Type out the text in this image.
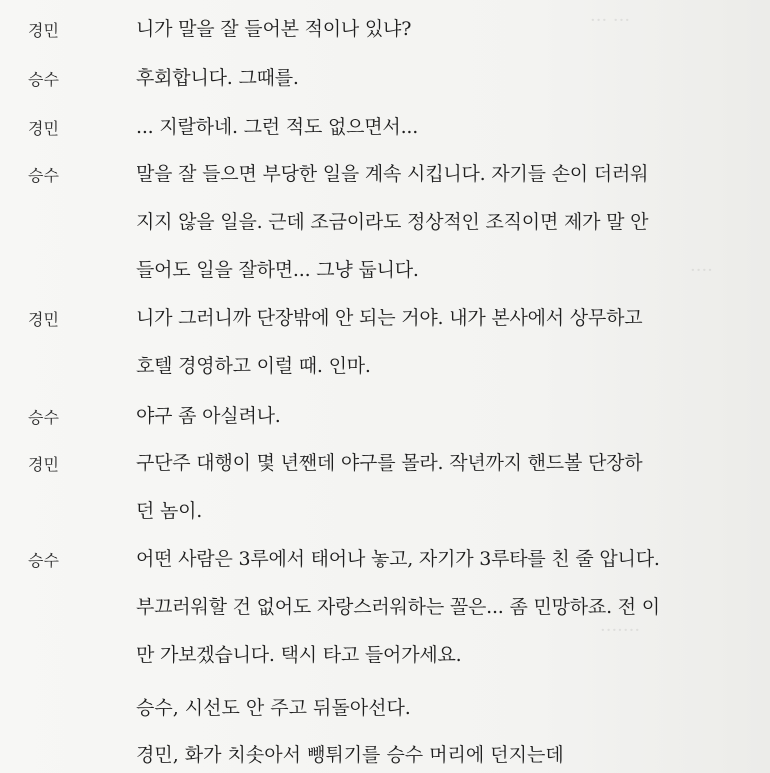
··· ···
····
·······
경민	니가 말을 잘 들어본 적이나 있냐?
승수	후회합니다. 그때를.
경민	... 지랄하네. 그런 적도 없으면서...
승수	말을 잘 들으면 부당한 일을 계속 시킵니다. 자기들 손이 더러워
지지 않을 일을. 근데 조금이라도 정상적인 조직이면 제가 말 안
들어도 일을 잘하면... 그냥 둡니다.
경민	니가 그러니까 단장밖에 안 되는 거야. 내가 본사에서 상무하고
호텔 경영하고 이럴 때. 인마.
승수	야구 좀 아실려나.
경민	구단주 대행이 몇 년짼데 야구를 몰라. 작년까지 핸드볼 단장하
던 놈이.
승수	어떤 사람은 3루에서 태어나 놓고, 자기가 3루타를 친 줄 압니다.
부끄러워할 건 없어도 자랑스러워하는 꼴은... 좀 민망하죠. 전 이
만 가보겠습니다. 택시 타고 들어가세요.
승수, 시선도 안 주고 뒤돌아선다.
경민, 화가 치솟아서 뺑튀기를 승수 머리에 던지는데
